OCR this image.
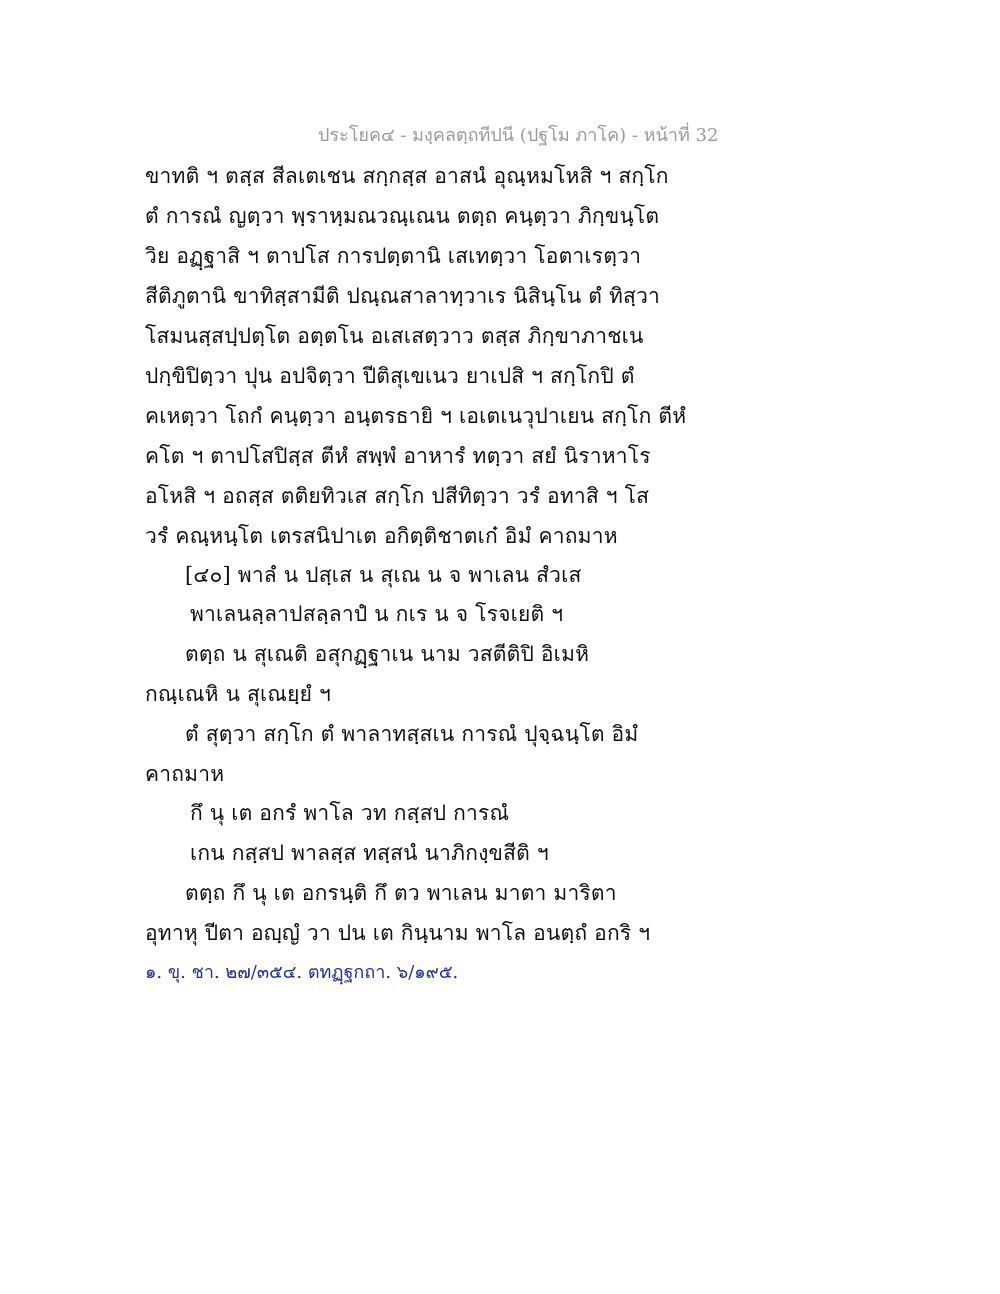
ประโยค๔ - มงฺคลตฺถทีปนี (ปฐโม ภาโค) - หน้าที่ 32
ขาทติ ฯ ตสฺส สีลเตเชน สกฺกสฺส อาสนํ อุณฺหมโหสิ ฯ สกฺโก
ตํ การณํ ญตฺวา พฺราหฺมณวณฺเณน ตตฺถ คนฺตฺวา ภิกฺขนฺโต
วิย อฏฺฐาสิ ฯ ตาปโส การปตฺตานิ เสเทตฺวา โอตาเรตฺวา
สีติภูตานิ ขาทิสฺสามีติ ปณฺณสาลาทฺวาเร นิสินฺโน ตํ ทิสฺวา
โสมนสฺสปฺปตฺโต อตฺตโน อเสเสตฺวาว ตสฺส ภิกฺขาภาชเน
ปกฺขิปิตฺวา ปุน อปจิตฺวา ปีติสุเขเนว ยาเปสิ ฯ สกฺโกปิ ตํ
คเหตฺวา โถกํ คนฺตฺวา อนฺตรธายิ ฯ เอเตเนวุปาเยน สกฺโก ตีหํ
คโต ฯ ตาปโสปิสฺส ตีหํ สพฺพํ อาหารํ ทตฺวา สยํ นิราหาโร
อโหสิ ฯ อถสฺส ตติยทิวเส สกฺโก ปสีทิตฺวา วรํ อทาสิ ฯ โส
วรํ คณฺหนฺโต เตรสนิปาเต อกิตฺติชาตเก๋ อิมํ คาถมาห
[๔๐] พาลํ น ปสฺเส น สุเณ น จ พาเลน สํวเส
พาเลนลฺลาปสลฺลาปํ น กเร น จ โรจเยติ ฯ
ตตฺถ น สุเณติ อสุกฏฺฐาเน นาม วสตีติปิ อิเมหิ
กณฺเณหิ น สุเณยฺยํ ฯ
ตํ สุตฺวา สกฺโก ตํ พาลาทสฺสเน การณํ ปุจฺฉนฺโต อิมํ
คาถมาห
กึ นุ เต อกรํ พาโล วท กสฺสป การณํ
เกน กสฺสป พาลสฺส ทสฺสนํ นาภิกงฺขสีติ ฯ
ตตฺถ กึ นุ เต อกรนฺติ กึ ตว พาเลน มาตา มาริตา
อุทาหุ ปีตา อญฺญํ วา ปน เต กินฺนาม พาโล อนตฺถํ อกริ ฯ
๑. ขุ. ชา. ๒๗/๓๕๔. ตทฏฺฐกถา. ๖/๑๙๕.
